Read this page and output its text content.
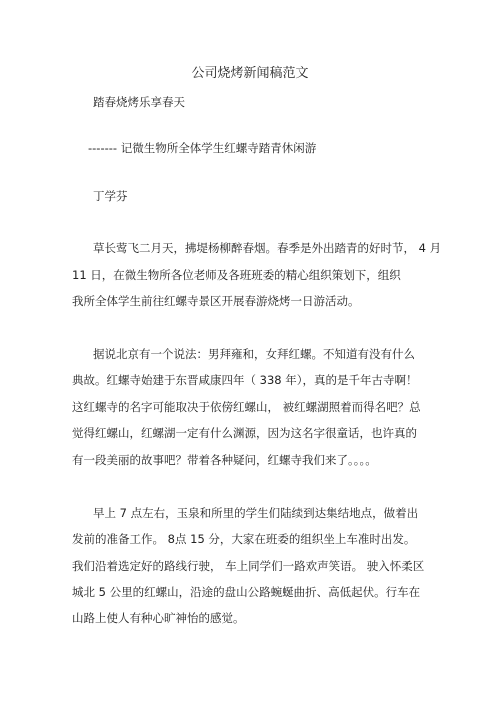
公司烧烤新闻稿范文
踏春烧烤乐享春天
------- 记微生物所全体学生红螺寺踏青休闲游
丁学芬
草长莺飞二月天，拂堤杨柳醉春烟。春季是外出踏青的好时节， 4 月
11 日，在微生物所各位老师及各班班委的精心组织策划下，组织
我所全体学生前往红螺寺景区开展春游烧烤一日游活动。
据说北京有一个说法：男拜雍和，女拜红螺。不知道有没有什么
典故。红螺寺始建于东晋咸康四年（ 338 年），真的是千年古寺啊！
这红螺寺的名字可能取决于依傍红螺山， 被红螺湖照着而得名吧？总
觉得红螺山，红螺湖一定有什么渊源，因为这名字很童话，也许真的
有一段美丽的故事吧？带着各种疑问，红螺寺我们来了。。。。
早上 7 点左右，玉泉和所里的学生们陆续到达集结地点，做着出
发前的准备工作。 8点 15 分，大家在班委的组织坐上车准时出发。
我们沿着选定好的路线行驶， 车上同学们一路欢声笑语。 驶入怀柔区
城北 5 公里的红螺山，沿途的盘山公路蜿蜒曲折、高低起伏。行车在
山路上使人有种心旷神怡的感觉。
